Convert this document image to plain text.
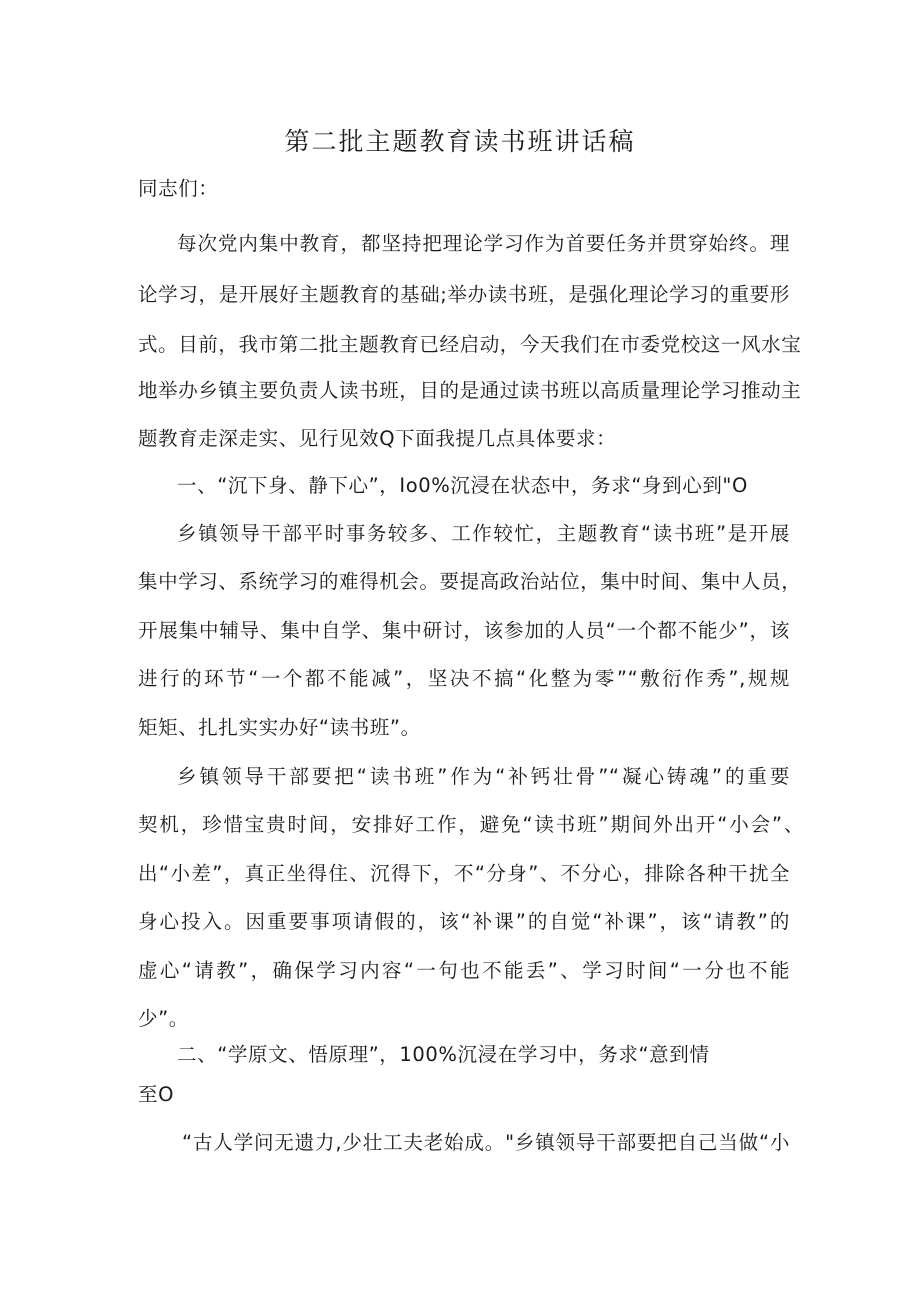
第二批主题教育读书班讲话稿
同志们：
每次党内集中教育，都坚持把理论学习作为首要任务并贯穿始终。理
论学习，是开展好主题教育的基础;举办读书班，是强化理论学习的重要形
式。目前，我市第二批主题教育已经启动，今天我们在市委党校这一风水宝
地举办乡镇主要负责人读书班，目的是通过读书班以高质量理论学习推动主
题教育走深走实、见行见效Q下面我提几点具体要求：
一、“沉下身、静下心”，Io0%沉浸在状态中，务求“身到心到"O
乡镇领导干部平时事务较多、工作较忙，主题教育“读书班”是开展
集中学习、系统学习的难得机会。要提高政治站位，集中时间、集中人员，
开展集中辅导、集中自学、集中研讨，该参加的人员“一个都不能少”，该
进行的环节“一个都不能减”，坚决不搞“化整为零”“敷衍作秀”,规规
矩矩、扎扎实实办好“读书班”。
乡镇领导干部要把“读书班”作为“补钙壮骨”“凝心铸魂”的重要
契机，珍惜宝贵时间，安排好工作，避免“读书班”期间外出开“小会”、
出“小差”，真正坐得住、沉得下，不“分身”、不分心，排除各种干扰全
身心投入。因重要事项请假的，该“补课”的自觉“补课”，该“请教”的
虚心“请教”，确保学习内容“一句也不能丢”、学习时间“一分也不能
少”。
二、“学原文、悟原理”，100%沉浸在学习中，务求“意到情
至O
“古人学问无遗力,少壮工夫老始成。"乡镇领导干部要把自己当做“小
